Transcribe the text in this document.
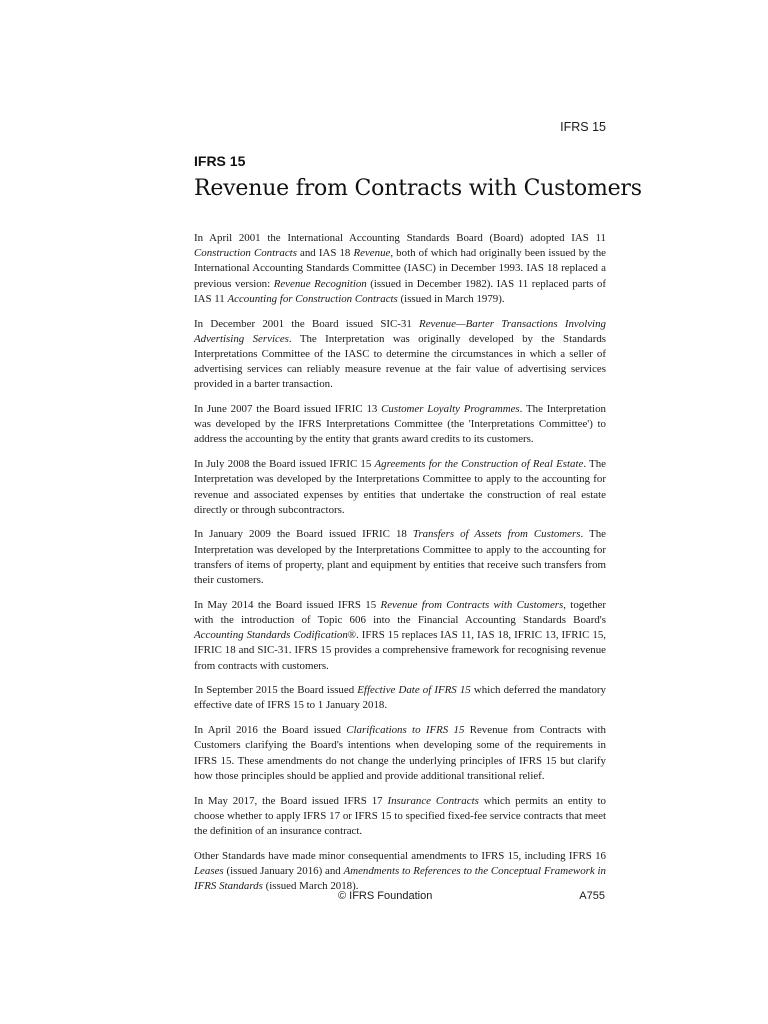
IFRS 15
IFRS 15
Revenue from Contracts with Customers

In April 2001 the International Accounting Standards Board (Board) adopted IAS 11 Construction Contracts and IAS 18 Revenue, both of which had originally been issued by the International Accounting Standards Committee (IASC) in December 1993. IAS 18 replaced a previous version: Revenue Recognition (issued in December 1982). IAS 11 replaced parts of IAS 11 Accounting for Construction Contracts (issued in March 1979).

In December 2001 the Board issued SIC-31 Revenue—Barter Transactions Involving Advertising Services. The Interpretation was originally developed by the Standards Interpretations Committee of the IASC to determine the circumstances in which a seller of advertising services can reliably measure revenue at the fair value of advertising services provided in a barter transaction.

In June 2007 the Board issued IFRIC 13 Customer Loyalty Programmes. The Interpretation was developed by the IFRS Interpretations Committee (the 'Interpretations Committee') to address the accounting by the entity that grants award credits to its customers.

In July 2008 the Board issued IFRIC 15 Agreements for the Construction of Real Estate. The Interpretation was developed by the Interpretations Committee to apply to the accounting for revenue and associated expenses by entities that undertake the construction of real estate directly or through subcontractors.

In January 2009 the Board issued IFRIC 18 Transfers of Assets from Customers. The Interpretation was developed by the Interpretations Committee to apply to the accounting for transfers of items of property, plant and equipment by entities that receive such transfers from their customers.

In May 2014 the Board issued IFRS 15 Revenue from Contracts with Customers, together with the introduction of Topic 606 into the Financial Accounting Standards Board's Accounting Standards Codification®. IFRS 15 replaces IAS 11, IAS 18, IFRIC 13, IFRIC 15, IFRIC 18 and SIC-31. IFRS 15 provides a comprehensive framework for recognising revenue from contracts with customers.

In September 2015 the Board issued Effective Date of IFRS 15 which deferred the mandatory effective date of IFRS 15 to 1 January 2018.

In April 2016 the Board issued Clarifications to IFRS 15 Revenue from Contracts with Customers clarifying the Board's intentions when developing some of the requirements in IFRS 15. These amendments do not change the underlying principles of IFRS 15 but clarify how those principles should be applied and provide additional transitional relief.

In May 2017, the Board issued IFRS 17 Insurance Contracts which permits an entity to choose whether to apply IFRS 17 or IFRS 15 to specified fixed-fee service contracts that meet the definition of an insurance contract.

Other Standards have made minor consequential amendments to IFRS 15, including IFRS 16 Leases (issued January 2016) and Amendments to References to the Conceptual Framework in IFRS Standards (issued March 2018).

© IFRS Foundation	A755
